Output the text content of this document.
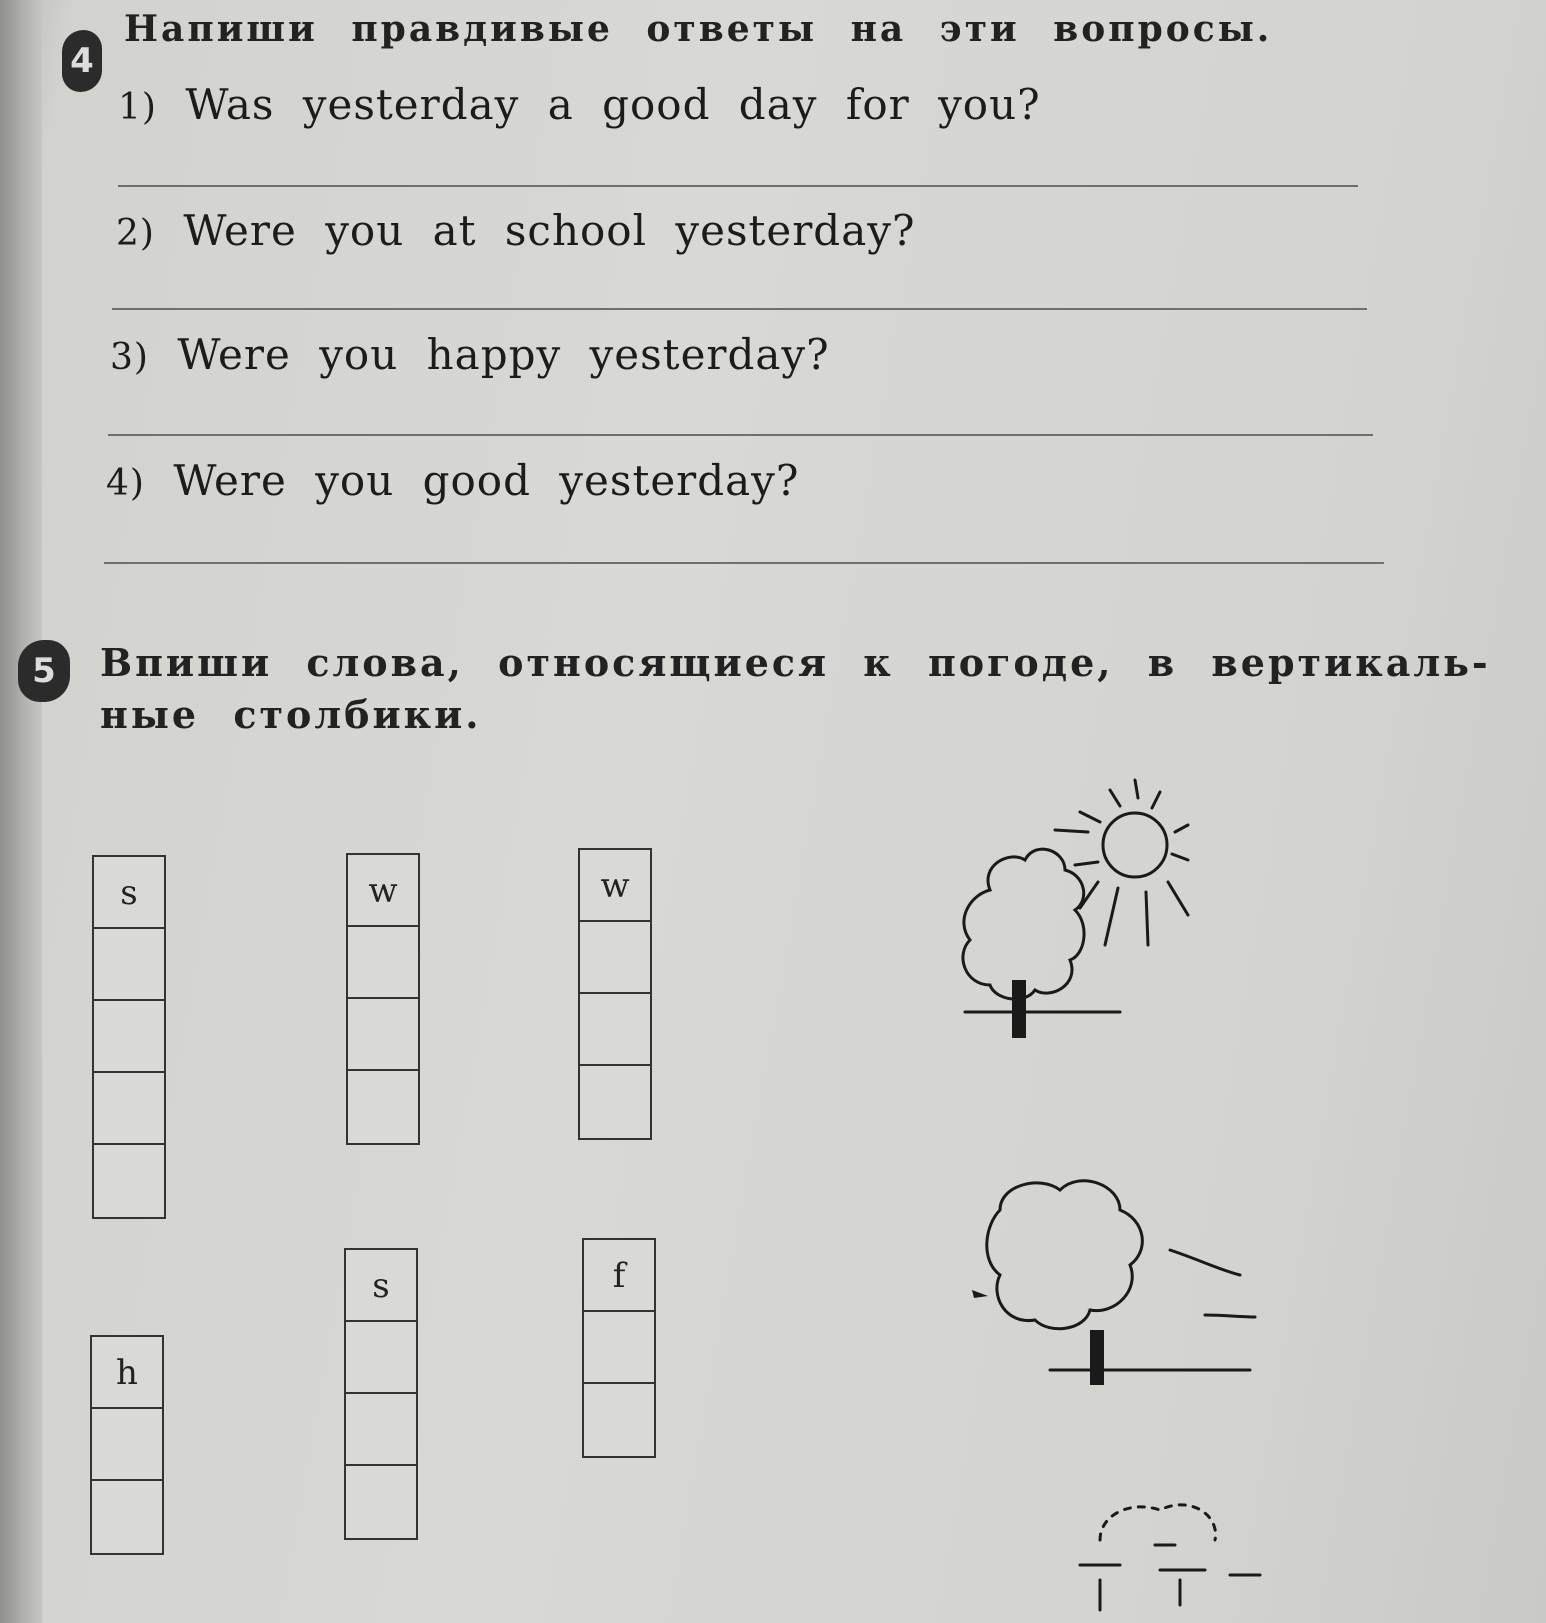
4
Напиши правдивые ответы на эти вопросы.
1) Was yesterday a good day for you?
2) Were you at school yesterday?
3) Were you happy yesterday?
4) Were you good yesterday?
5	Впиши слова, относящиеся к погоде, в вертикаль-
ные столбики.
s	w	w
h
s	f
